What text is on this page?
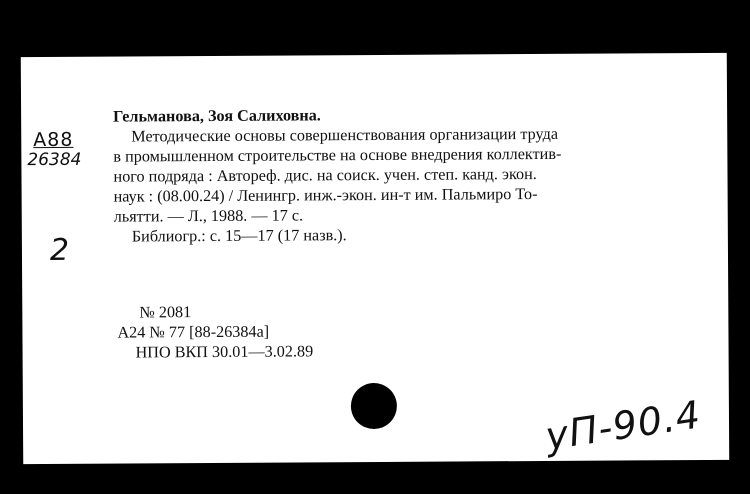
A88
26384
2

Гельманова, Зоя Салиховна.

Методические основы совершенствования организации труда

в промышленном строительстве на основе внедрения коллектив-

ного подряда : Автореф. дис. на соиск. учен. степ. канд. экон.

наук : (08.00.24) / Ленингр. инж.-экон. ин-т им. Пальмиро То-

льятти. — Л., 1988. — 17 с.

Библиогр.: с. 15—17 (17 назв.).

№ 2081

А24 № 77 [88-26384а]

НПО ВКП 30.01—3.02.89

уП-90.4
